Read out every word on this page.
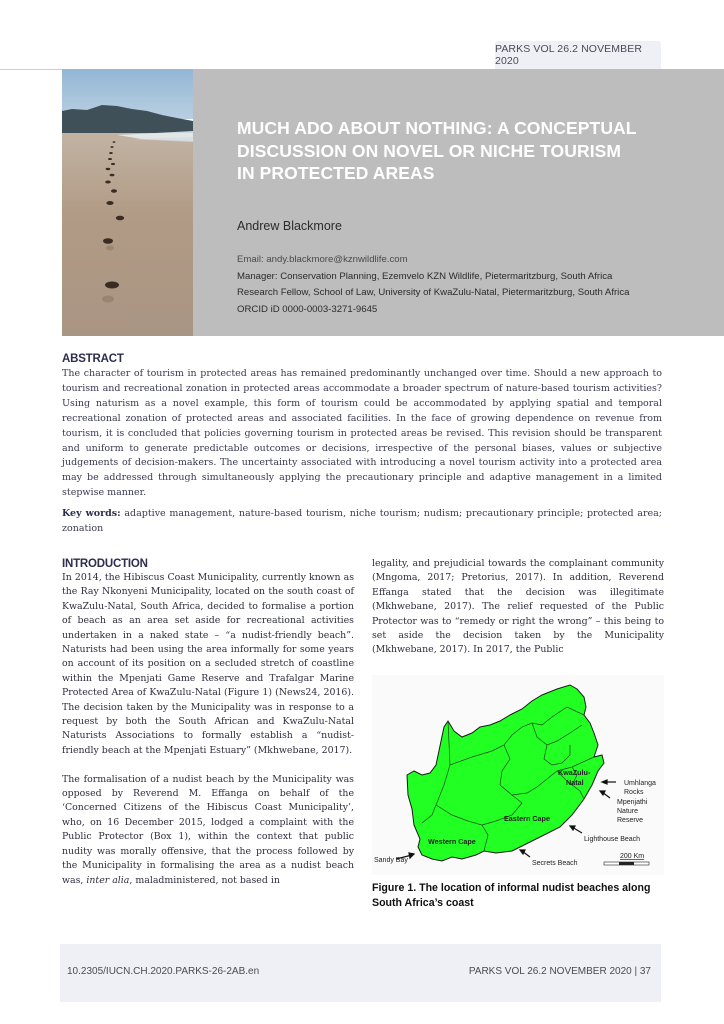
PARKS VOL 26.2 NOVEMBER 2020
MUCH ADO ABOUT NOTHING: A CONCEPTUAL
DISCUSSION ON NOVEL OR NICHE TOURISM
IN PROTECTED AREAS
Andrew Blackmore
Email: andy.blackmore@kznwildlife.com
Manager: Conservation Planning, Ezemvelo KZN Wildlife, Pietermaritzburg, South Africa
Research Fellow, School of Law, University of KwaZulu-Natal, Pietermaritzburg, South Africa
ORCID iD 0000-0003-3271-9645
ABSTRACT
The character of tourism in protected areas has remained predominantly unchanged over time. Should a new approach to tourism and recreational zonation in protected areas accommodate a broader spectrum of nature-based tourism activities? Using naturism as a novel example, this form of tourism could be accommodated by applying spatial and temporal recreational zonation of protected areas and associated facilities. In the face of growing dependence on revenue from tourism, it is concluded that policies governing tourism in protected areas be revised. This revision should be transparent and uniform to generate predictable outcomes or decisions, irrespective of the personal biases, values or subjective judgements of decision-makers. The uncertainty associated with introducing a novel tourism activity into a protected area may be addressed through simultaneously applying the precautionary principle and adaptive management in a limited stepwise manner.
Key words: adaptive management, nature-based tourism, niche tourism; nudism; precautionary principle; protected area; zonation
INTRODUCTION

In 2014, the Hibiscus Coast Municipality, currently known as the Ray Nkonyeni Municipality, located on the south coast of KwaZulu-Natal, South Africa, decided to formalise a portion of beach as an area set aside for recreational activities undertaken in a naked state – “a nudist-friendly beach”. Naturists had been using the area informally for some years on account of its position on a secluded stretch of coastline within the Mpenjati Game Reserve and Trafalgar Marine Protected Area of KwaZulu-Natal (Figure 1) (News24, 2016). The decision taken by the Municipality was in response to a request by both the South African and KwaZulu-Natal Naturists Associations to formally establish a “nudist-friendly beach at the Mpenjati Estuary” (Mkhwebane, 2017).

The formalisation of a nudist beach by the Municipality was opposed by Reverend M. Effanga on behalf of the ‘Concerned Citizens of the Hibiscus Coast Municipality’, who, on 16 December 2015, lodged a complaint with the Public Protector (Box 1), within the context that public nudity was morally offensive, that the process followed by the Municipality in formalising the area as a nudist beach was, inter alia, maladministered, not based in

legality, and prejudicial towards the complainant community (Mngoma, 2017; Pretorius, 2017). In addition, Reverend Effanga stated that the decision was illegitimate (Mkhwebane, 2017). The relief requested of the Public Protector was to “remedy or right the wrong” – this being to set aside the decision taken by the Municipality (Mkhwebane, 2017). In 2017, the Public

KwaZulu-
Natal
Eastern Cape
Western Cape
Umhlanga
Rocks
Mpenjathi
Nature
Reserve
Lighthouse Beach
Secrets Beach
Sandy Bay
200 Km
Figure 1. The location of informal nudist beaches along South Africa’s coast
10.2305/IUCN.CH.2020.PARKS-26-2AB.en	PARKS VOL 26.2 NOVEMBER 2020 | 37
